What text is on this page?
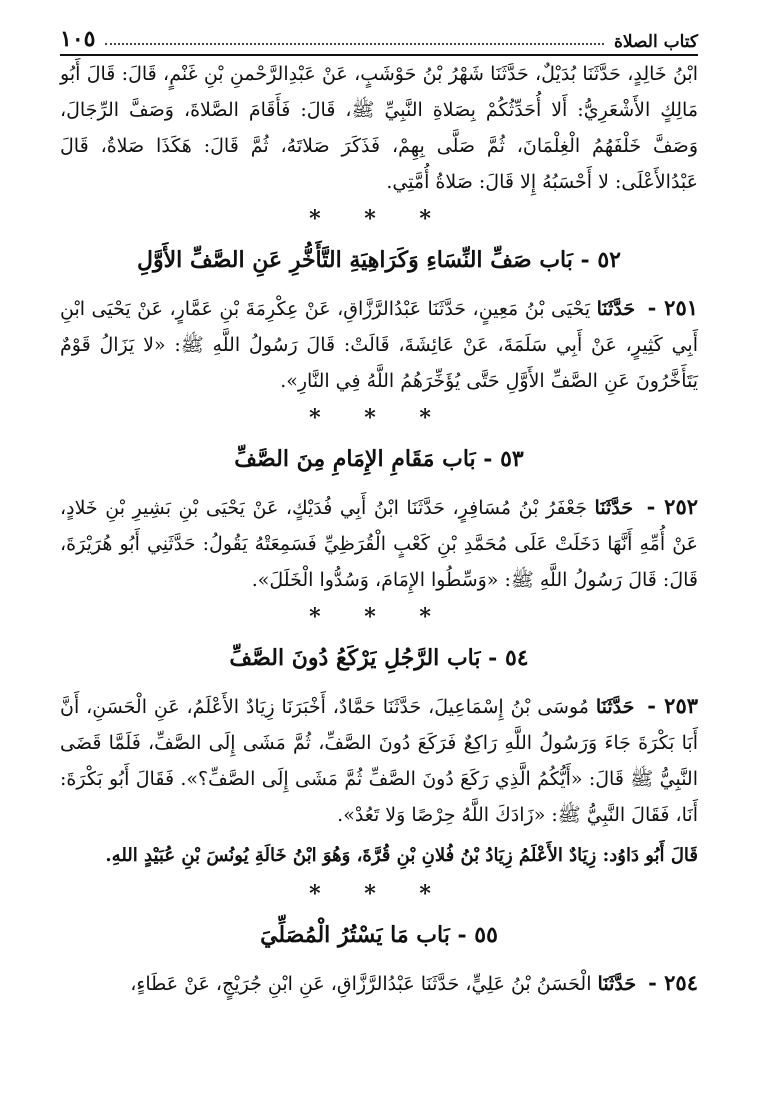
كتاب الصلاة
١٠٥

ابْنُ خَالِدٍ، حَدَّثَنَا بُدَيْلٌ، حَدَّثَنَا شَهْرُ بْنُ حَوْشَبٍ، عَنْ عَبْدِالرَّحْمنِ بْنِ غَنْمٍ، قَالَ: قَالَ أَبُو مَالِكٍ الأَشْعَرِيُّ: أَلا أُحَدِّثُكُمْ بِصَلاةِ النَّبِيِّ ﷺ، قَالَ: فَأَقَامَ الصَّلاةَ، وَصَفَّ الرِّجَالَ، وَصَفَّ خَلْفَهُمُ الْغِلْمَانَ، ثُمَّ صَلَّى بِهِمْ، فَذَكَرَ صَلاتَهُ، ثُمَّ قَالَ: هَكَذَا صَلاةُ، قَالَ عَبْدُالأَعْلَى: لا أَحْسَبُهُ إِلا قَالَ: صَلاةُ أُمَّتِي.

* * *
٥٢ - بَاب صَفِّ النِّسَاءِ وَكَرَاهِيَةِ التَّأَخُّرِ عَنِ الصَّفِّ الأَوَّلِ

٢٥١ - حَدَّثَنَا يَحْيَى بْنُ مَعِينٍ، حَدَّثَنَا عَبْدُالرَّزَّاقِ، عَنْ عِكْرِمَةَ بْنِ عَمَّارٍ، عَنْ يَحْيَى ابْنِ أَبِي كَثِيرٍ، عَنْ أَبِي سَلَمَةَ، عَنْ عَائِشَةَ، قَالَتْ: قَالَ رَسُولُ اللَّهِ ﷺ: «لا يَزَالُ قَوْمٌ يَتَأَخَّرُونَ عَنِ الصَّفِّ الأَوَّلِ حَتَّى يُؤَخِّرَهُمُ اللَّهُ فِي النَّارِ».

* * *
٥٣ - بَاب مَقَامِ الإِمَامِ مِنَ الصَّفِّ

٢٥٢ - حَدَّثَنَا جَعْفَرُ بْنُ مُسَافِرٍ، حَدَّثَنَا ابْنُ أَبِي فُدَيْكٍ، عَنْ يَحْيَى بْنِ بَشِيرِ بْنِ خَلادٍ، عَنْ أُمِّهِ أَنَّهَا دَخَلَتْ عَلَى مُحَمَّدِ بْنِ كَعْبٍ الْقُرَظِيِّ فَسَمِعَتْهُ يَقُولُ: حَدَّثَنِي أَبُو هُرَيْرَةَ، قَالَ: قَالَ رَسُولُ اللَّهِ ﷺ: «وَسِّطُوا الإِمَامَ، وَسُدُّوا الْخَلَلَ».

* * *
٥٤ - بَاب الرَّجُلِ يَرْكَعُ دُونَ الصَّفِّ

٢٥٣ - حَدَّثَنَا مُوسَى بْنُ إِسْمَاعِيلَ، حَدَّثَنَا حَمَّادٌ، أَخْبَرَنَا زِيَادٌ الأَعْلَمُ، عَنِ الْحَسَنِ، أَنَّ أَبَا بَكْرَةَ جَاءَ وَرَسُولُ اللَّهِ رَاكِعٌ فَرَكَعَ دُونَ الصَّفِّ، ثُمَّ مَشَى إِلَى الصَّفِّ، فَلَمَّا قَضَى النَّبِيُّ ﷺ قَالَ: «أَيُّكُمُ الَّذِي رَكَعَ دُونَ الصَّفِّ ثُمَّ مَشَى إِلَى الصَّفِّ؟». فَقَالَ أَبُو بَكْرَةَ: أَنَا، فَقَالَ النَّبِيُّ ﷺ: «زَادَكَ اللَّهُ حِرْصًا وَلا تَعُدْ».

قَالَ أَبُو دَاوُد: زِيَادٌ الأَعْلَمُ زِيَادُ بْنُ فُلانِ بْنِ قُرَّةَ، وَهُوَ ابْنُ خَالَةِ يُونُسَ بْنِ عُبَيْدٍ اللهِ.

* * *
٥٥ - بَاب مَا يَسْتُرُ الْمُصَلِّيَ

٢٥٤ - حَدَّثَنَا الْحَسَنُ بْنُ عَلِيٍّ، حَدَّثَنَا عَبْدُالرَّزَّاقِ، عَنِ ابْنِ جُرَيْجٍ، عَنْ عَطَاءٍ،
